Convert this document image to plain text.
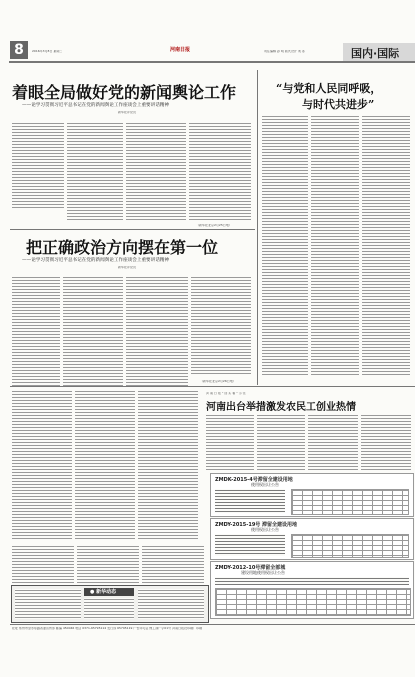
8	2016年3月8日 星期二	河南日报	责任编辑 孙 明 版式设计 刘 冰	国内·国际
着眼全局做好党的新闻舆论工作
——论学习贯彻习近平总书记在党的新闻舆论工作座谈会上重要讲话精神
新华社评论员
（新华社北京2月25日电）
把正确政治方向摆在第一位
——论学习贯彻习近平总书记在党的新闻舆论工作座谈会上重要讲话精神
新华社评论员
（新华社北京2月26日电）
“与党和人民同呼吸，
与时代共进步”
河 南 日 报 “ 回 头 看 ” 示 范
河南出台举措激发农民工创业热情
ZMDK-2015-4号滞留全建设用地
使用权出让公告
ZMDY-2015-19号 滞留全建设用地
使用权出让公告
ZMDY-2012-10号滞留全部城
建设用地使用权出让公告
● 新华动态
社址 郑州市金水东路省委宣传部 邮编 450046 电话 0371-65795114 发行部 65795119 广告许可证 豫工商广字01号 河南日报社印刷厂印刷
